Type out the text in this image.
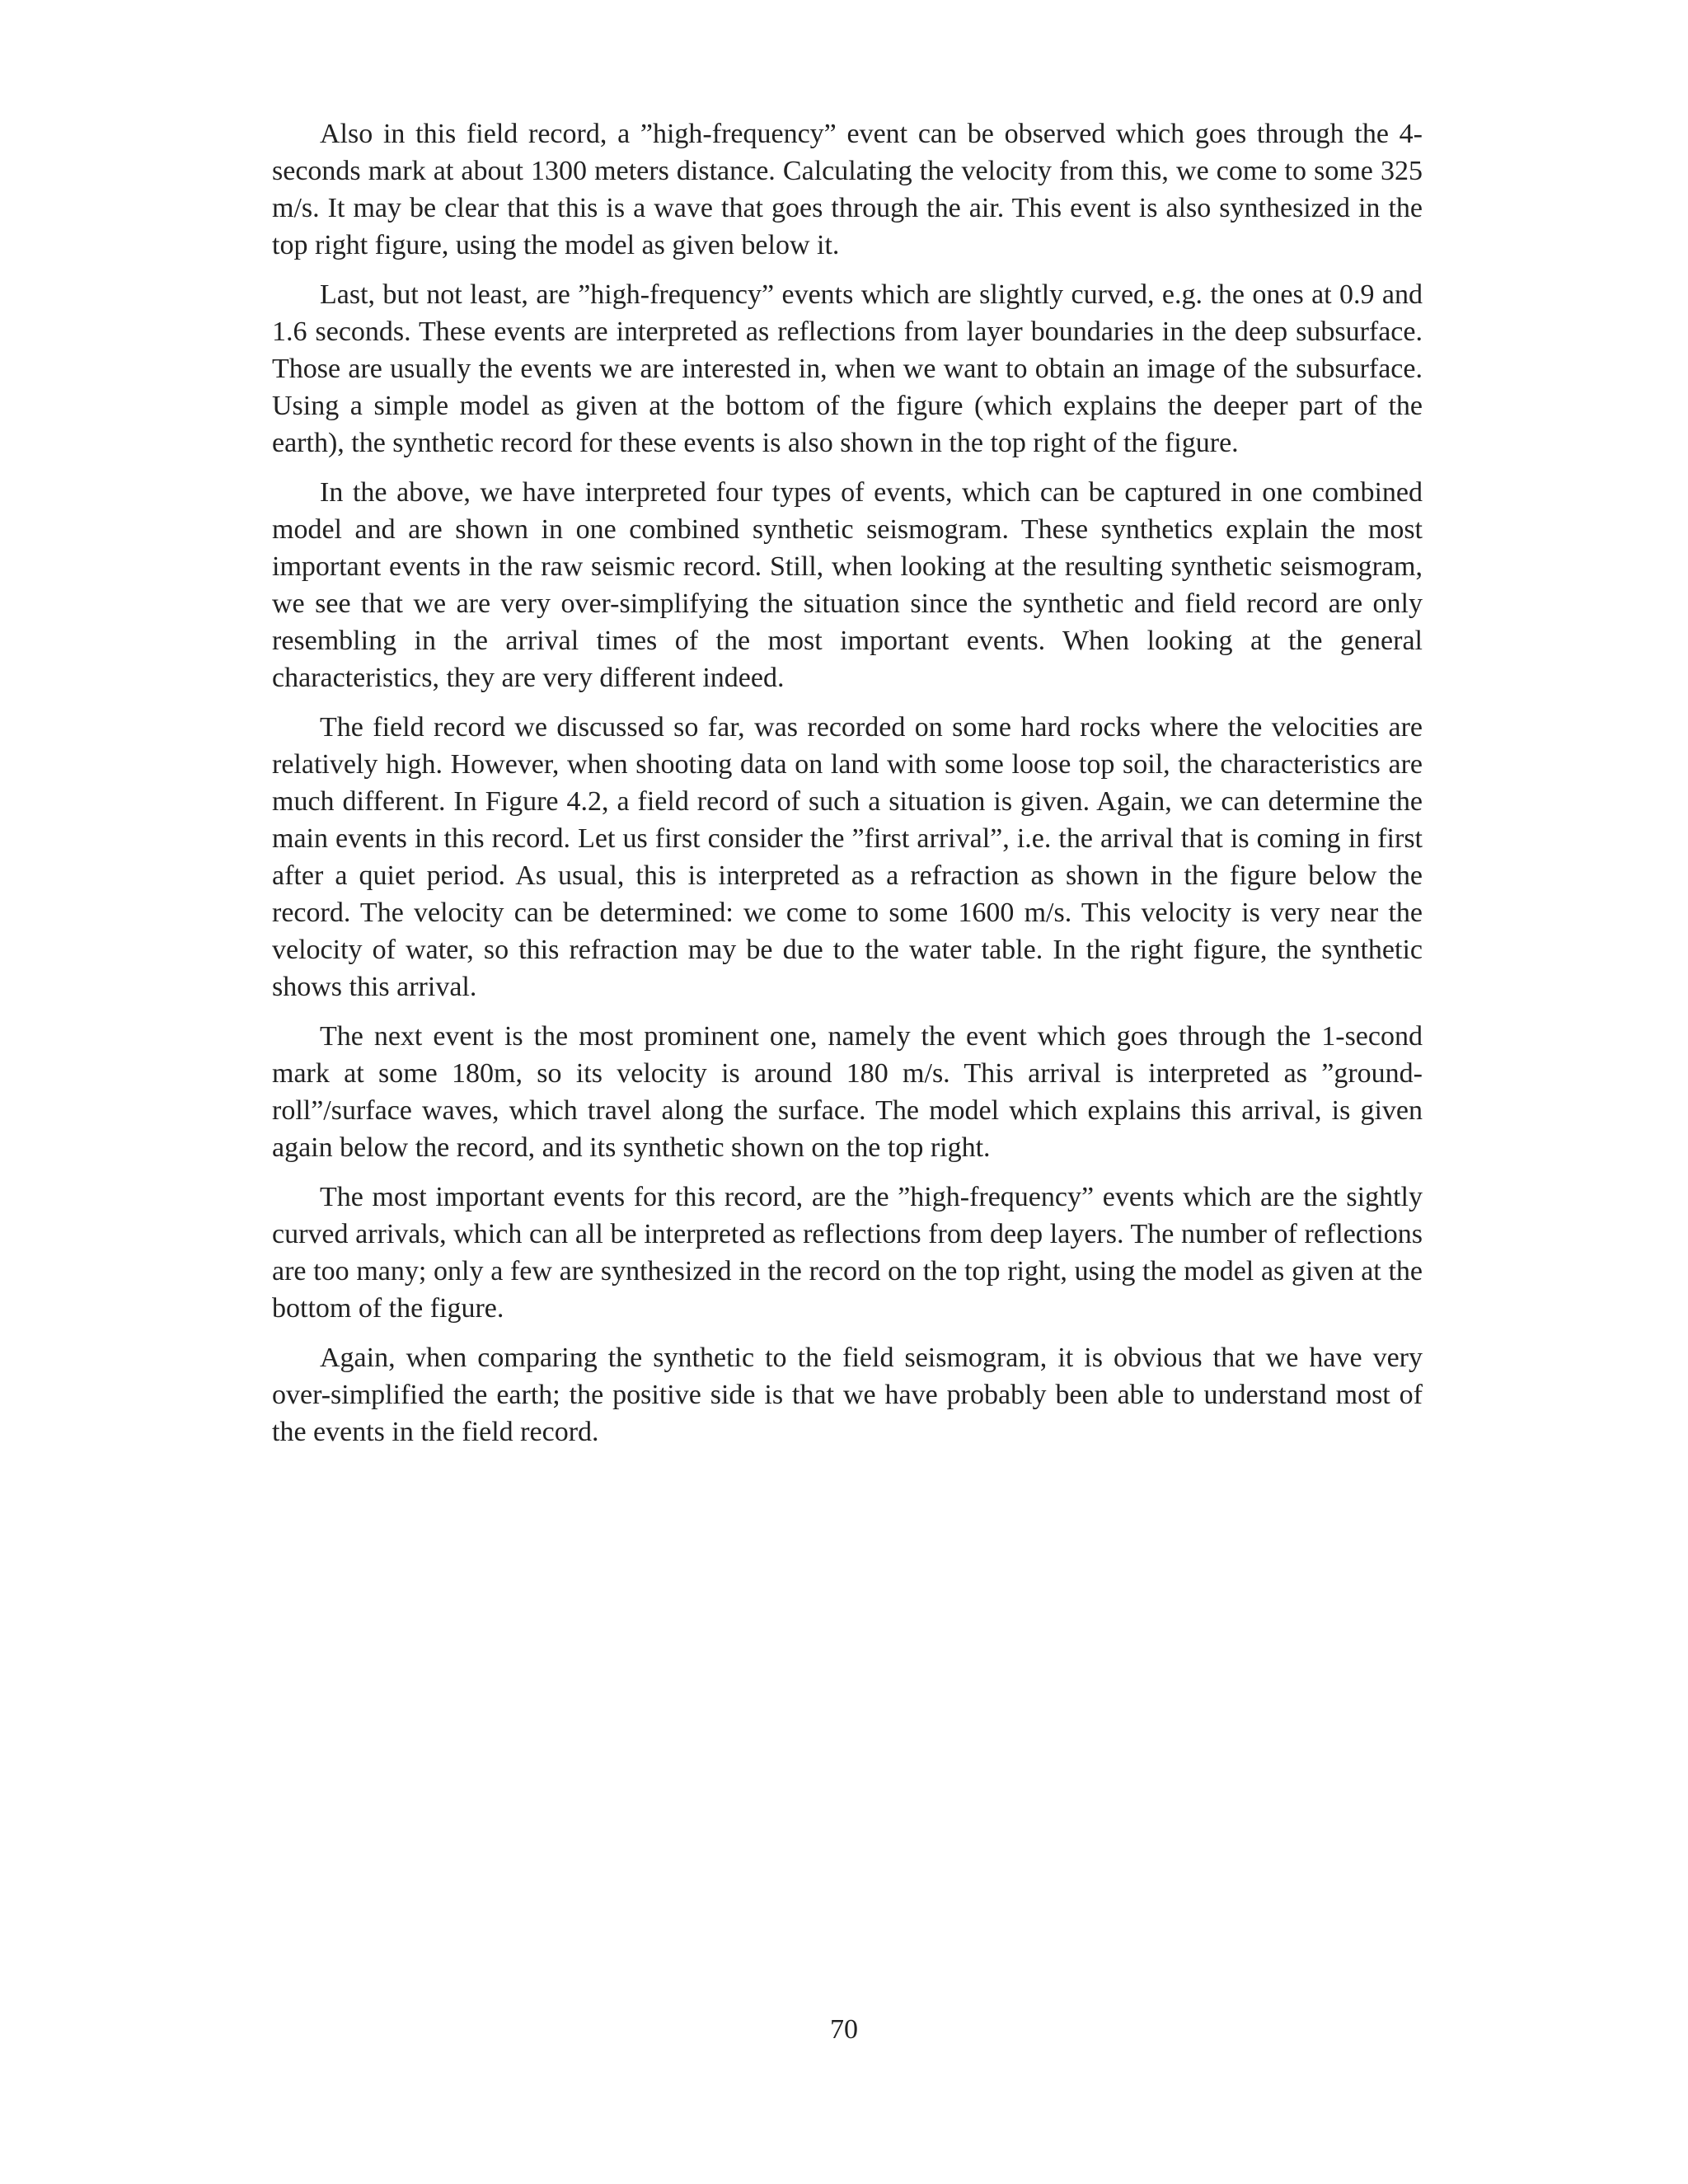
Also in this field record, a ”high-frequency” event can be observed which goes through the 4-seconds mark at about 1300 meters distance. Calculating the velocity from this, we come to some 325 m/s. It may be clear that this is a wave that goes through the air. This event is also synthesized in the top right figure, using the model as given below it.

Last, but not least, are ”high-frequency” events which are slightly curved, e.g. the ones at 0.9 and 1.6 seconds. These events are interpreted as reflections from layer boundaries in the deep subsurface. Those are usually the events we are interested in, when we want to obtain an image of the subsurface. Using a simple model as given at the bottom of the figure (which explains the deeper part of the earth), the synthetic record for these events is also shown in the top right of the figure.

In the above, we have interpreted four types of events, which can be captured in one combined model and are shown in one combined synthetic seismogram. These synthetics explain the most important events in the raw seismic record. Still, when looking at the resulting synthetic seismogram, we see that we are very over-simplifying the situation since the synthetic and field record are only resembling in the arrival times of the most important events. When looking at the general characteristics, they are very different indeed.

The field record we discussed so far, was recorded on some hard rocks where the velocities are relatively high. However, when shooting data on land with some loose top soil, the characteristics are much different. In Figure 4.2, a field record of such a situation is given. Again, we can determine the main events in this record. Let us first consider the ”first arrival”, i.e. the arrival that is coming in first after a quiet period. As usual, this is interpreted as a refraction as shown in the figure below the record. The velocity can be determined: we come to some 1600 m/s. This velocity is very near the velocity of water, so this refraction may be due to the water table. In the right figure, the synthetic shows this arrival.

The next event is the most prominent one, namely the event which goes through the 1-second mark at some 180m, so its velocity is around 180 m/s. This arrival is interpreted as ”ground-roll”/surface waves, which travel along the surface. The model which explains this arrival, is given again below the record, and its synthetic shown on the top right.

The most important events for this record, are the ”high-frequency” events which are the sightly curved arrivals, which can all be interpreted as reflections from deep layers. The number of reflections are too many; only a few are synthesized in the record on the top right, using the model as given at the bottom of the figure.

Again, when comparing the synthetic to the field seismogram, it is obvious that we have very over-simplified the earth; the positive side is that we have probably been able to understand most of the events in the field record.

70
